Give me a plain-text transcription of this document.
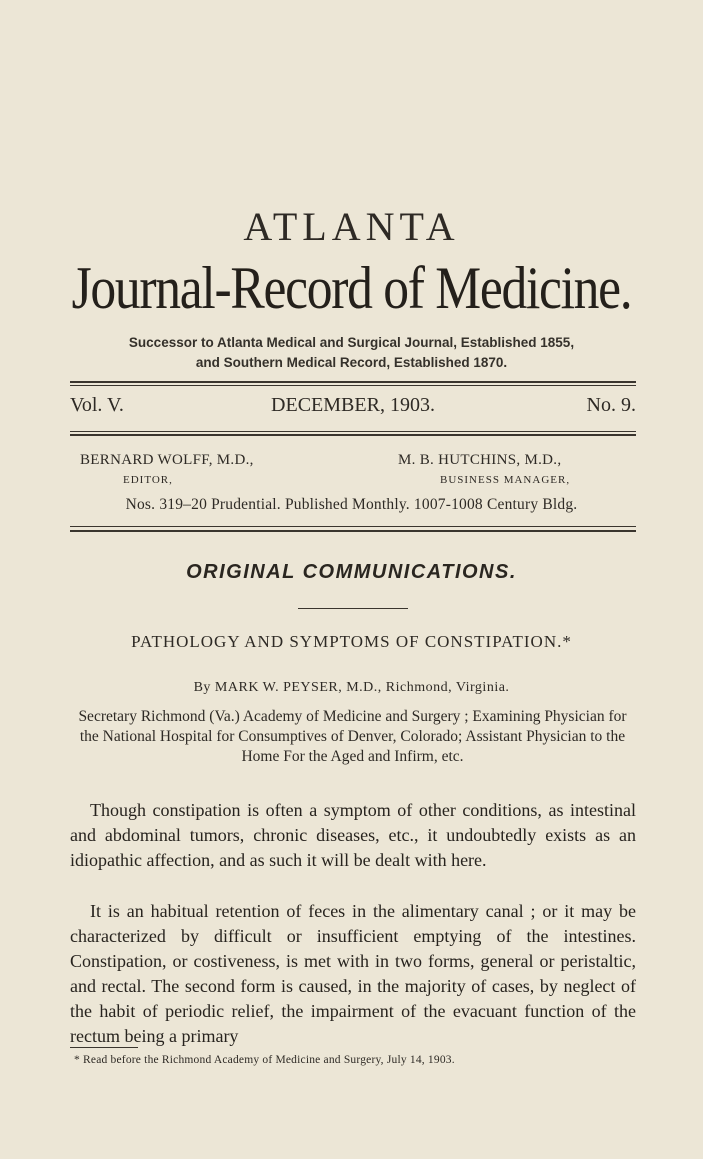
ATLANTA
Journal-Record of Medicine.
Successor to Atlanta Medical and Surgical Journal, Established 1855,
and Southern Medical Record, Established 1870.
Vol. V.	DECEMBER, 1903.	No. 9.
BERNARD WOLFF, M.D.,
EDITOR,
M. B. HUTCHINS, M.D.,
BUSINESS MANAGER,
Nos. 319–20 Prudential. Published Monthly. 1007-1008 Century Bldg.
ORIGINAL COMMUNICATIONS.
PATHOLOGY AND SYMPTOMS OF CONSTIPATION.*
By MARK W. PEYSER, M.D., Richmond, Virginia.
Secretary Richmond (Va.) Academy of Medicine and Surgery ; Examining Physician for the National Hospital for Consumptives of Denver, Colorado; Assistant Physician to the Home For the Aged and Infirm, etc.

Though constipation is often a symptom of other conditions, as intestinal and abdominal tumors, chronic diseases, etc., it undoubtedly exists as an idiopathic affection, and as such it will be dealt with here.

It is an habitual retention of feces in the alimentary canal ; or it may be characterized by difficult or insufficient emptying of the intestines. Constipation, or costiveness, is met with in two forms, general or peristaltic, and rectal. The second form is caused, in the majority of cases, by neglect of the habit of periodic relief, the impairment of the evacuant function of the rectum being a primary

* Read before the Richmond Academy of Medicine and Surgery, July 14, 1903.
